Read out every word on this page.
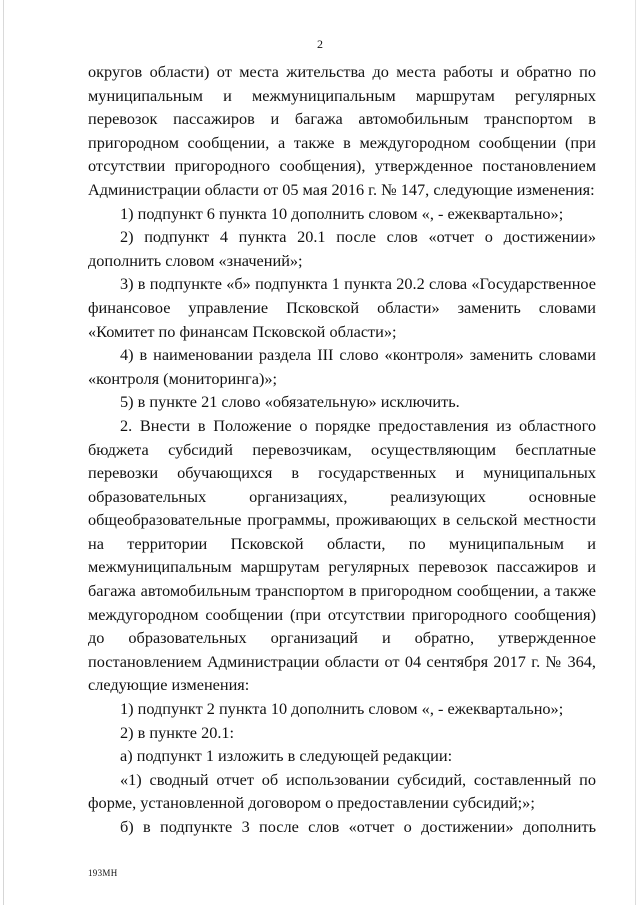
2

округов области) от места жительства до места работы и обратно по муниципальным и межмуниципальным маршрутам регулярных перевозок пассажиров и багажа автомобильным транспортом в пригородном сообщении, а также в междугородном сообщении (при отсутствии пригородного сообщения), утвержденное постановлением Администрации области от 05 мая 2016 г. № 147, следующие изменения:

1) подпункт 6 пункта 10 дополнить словом «, - ежеквартально»;

2) подпункт 4 пункта 20.1 после слов «отчет о достижении» дополнить словом «значений»;

3) в подпункте «б» подпункта 1 пункта 20.2 слова «Государственное финансовое управление Псковской области» заменить словами «Комитет по финансам Псковской области»;

4) в наименовании раздела III слово «контроля» заменить словами «контроля (мониторинга)»;

5) в пункте 21 слово «обязательную» исключить.

2. Внести в Положение о порядке предоставления из областного бюджета субсидий перевозчикам, осуществляющим бесплатные перевозки обучающихся в государственных и муниципальных образовательных организациях, реализующих основные общеобразовательные программы, проживающих в сельской местности на территории Псковской области, по муниципальным и межмуниципальным маршрутам регулярных перевозок пассажиров и багажа автомобильным транспортом в пригородном сообщении, а также междугородном сообщении (при отсутствии пригородного сообщения) до образовательных организаций и обратно, утвержденное постановлением Администрации области от 04 сентября 2017 г. № 364, следующие изменения:

1) подпункт 2 пункта 10 дополнить словом «, - ежеквартально»;

2) в пункте 20.1:

а) подпункт 1 изложить в следующей редакции:

«1) сводный отчет об использовании субсидий, составленный по форме, установленной договором о предоставлении субсидий;»;

б) в подпункте 3 после слов «отчет о достижении» дополнить

193МН
